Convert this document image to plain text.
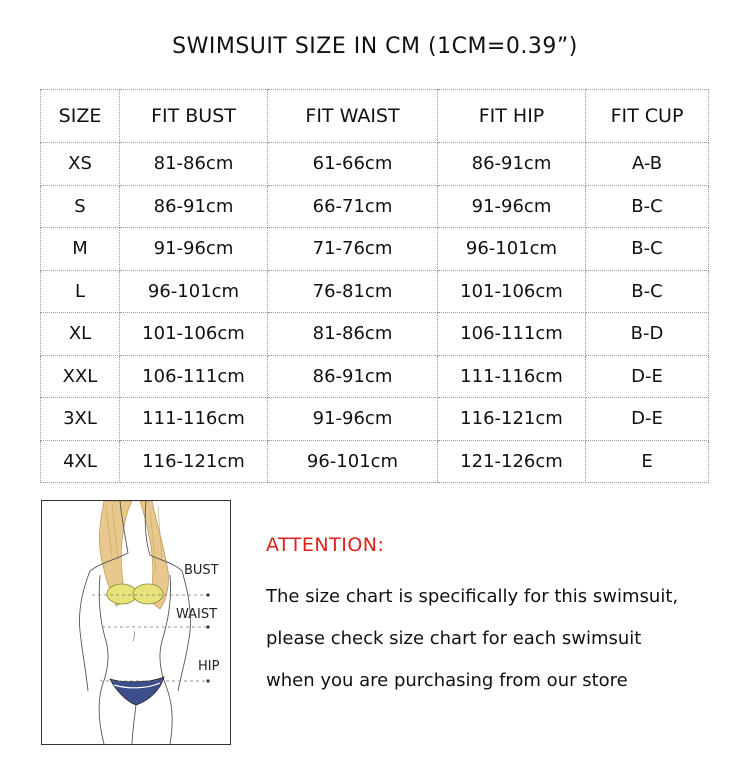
SWIMSUIT SIZE IN CM (1CM=0.39”)
SIZE	FIT BUST	FIT WAIST	FIT HIP	FIT CUP
XS	81-86cm	61-66cm	86-91cm	A-B
S	86-91cm	66-71cm	91-96cm	B-C
M	91-96cm	71-76cm	96-101cm	B-C
L	96-101cm	76-81cm	101-106cm	B-C
XL	101-106cm	81-86cm	106-111cm	B-D
XXL	106-111cm	86-91cm	111-116cm	D-E
3XL	111-116cm	91-96cm	116-121cm	D-E
4XL	116-121cm	96-101cm	121-126cm	E
BUST
WAIST
HIP
ATTENTION:
The size chart is specifically for this swimsuit,
please check size chart for each swimsuit
when you are purchasing from our store
